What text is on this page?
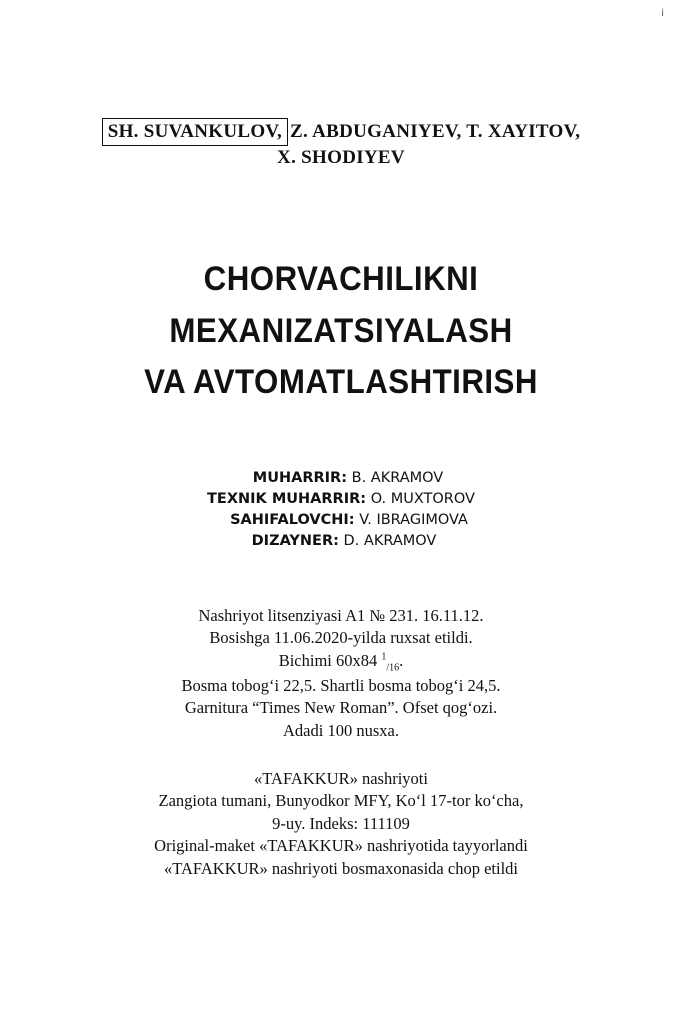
i
SH. SUVANKULOV, Z. ABDUGANIYEV, T. XAYITOV,
X. SHODIYEV
CHORVACHILIKNI
MEXANIZATSIYALASH
VA AVTOMATLASHTIRISH
MUHARRIR: B. AKRAMOV
TEXNIK MUHARRIR: O. MUXTOROV
SAHIFALOVCHI: V. IBRAGIMOVA
DIZAYNER: D. AKRAMOV
Nashriyot litsenziyasi A1 № 231. 16.11.12.
Bosishga 11.06.2020-yilda ruxsat etildi.
Bichimi 60x84 $^1_{/16}$.
Bosma tobog‘i 22,5. Shartli bosma tobog‘i 24,5.
Garnitura “Times New Roman”. Ofset qog‘ozi.
Adadi 100 nusxa.
«TAFAKKUR» nashriyoti
Zangiota tumani, Bunyodkor MFY, Ko‘l 17-tor ko‘cha,
9-uy. Indeks: 111109
Original-maket «TAFAKKUR» nashriyotida tayyorlandi
«TAFAKKUR» nashriyoti bosmaxonasida chop etildi
